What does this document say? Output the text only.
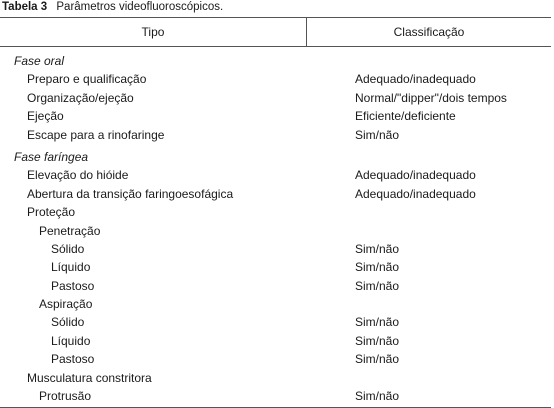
Tabela 3 Parâmetros videofluoroscópicos.
Tipo	Classificação
Fase oral
Preparo e qualificação	Adequado/inadequado
Organização/ejeção	Normal/"dipper"/dois tempos
Ejeção	Eficiente/deficiente
Escape para a rinofaringe	Sim/não
Fase faríngea
Elevação do hióide	Adequado/inadequado
Abertura da transição faringoesofágica	Adequado/inadequado
Proteção
Penetração
Sólido	Sim/não
Líquido	Sim/não
Pastoso	Sim/não
Aspiração
Sólido	Sim/não
Líquido	Sim/não
Pastoso	Sim/não
Musculatura constritora
Protrusão	Sim/não
